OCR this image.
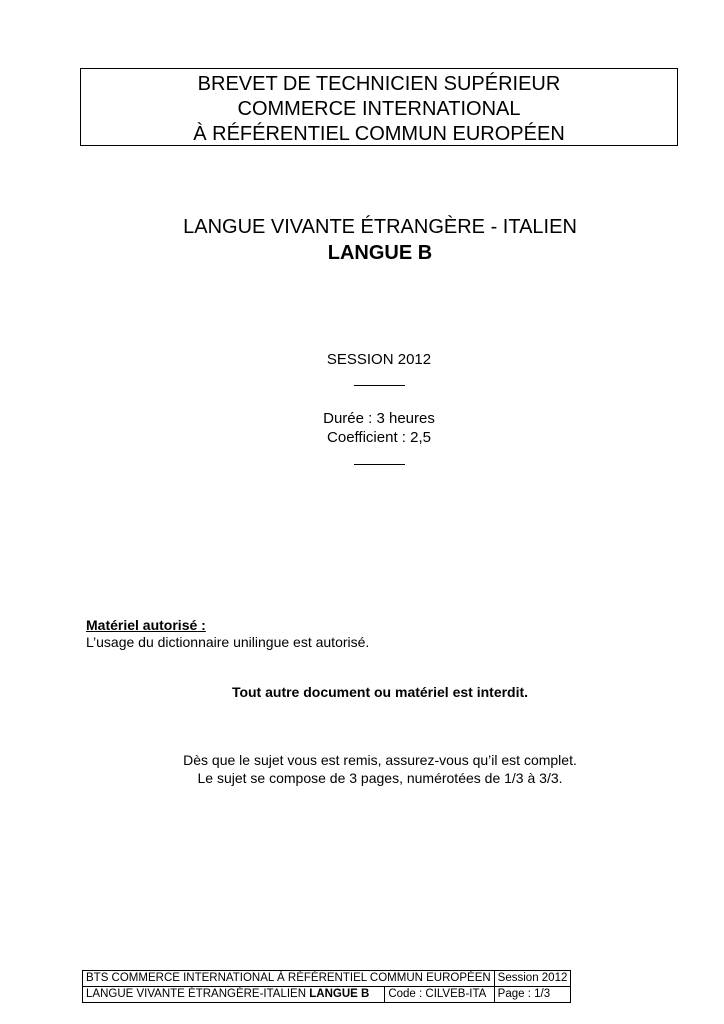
BREVET DE TECHNICIEN SUPÉRIEUR
COMMERCE INTERNATIONAL
À RÉFÉRENTIEL COMMUN EUROPÉEN
LANGUE VIVANTE ÉTRANGÈRE - ITALIEN
LANGUE B
SESSION 2012
Durée : 3 heures
Coefficient : 2,5
Matériel autorisé :
L’usage du dictionnaire unilingue est autorisé.
Tout autre document ou matériel est interdit.
Dès que le sujet vous est remis, assurez-vous qu’il est complet.
Le sujet se compose de 3 pages, numérotées de 1/3 à 3/3.
BTS COMMERCE INTERNATIONAL À RÉFÉRENTIEL COMMUN EUROPÉEN		Session 2012
LANGUE VIVANTE ÉTRANGÈRE-ITALIEN LANGUE B	Code : CILVEB-ITA	Page : 1/3
